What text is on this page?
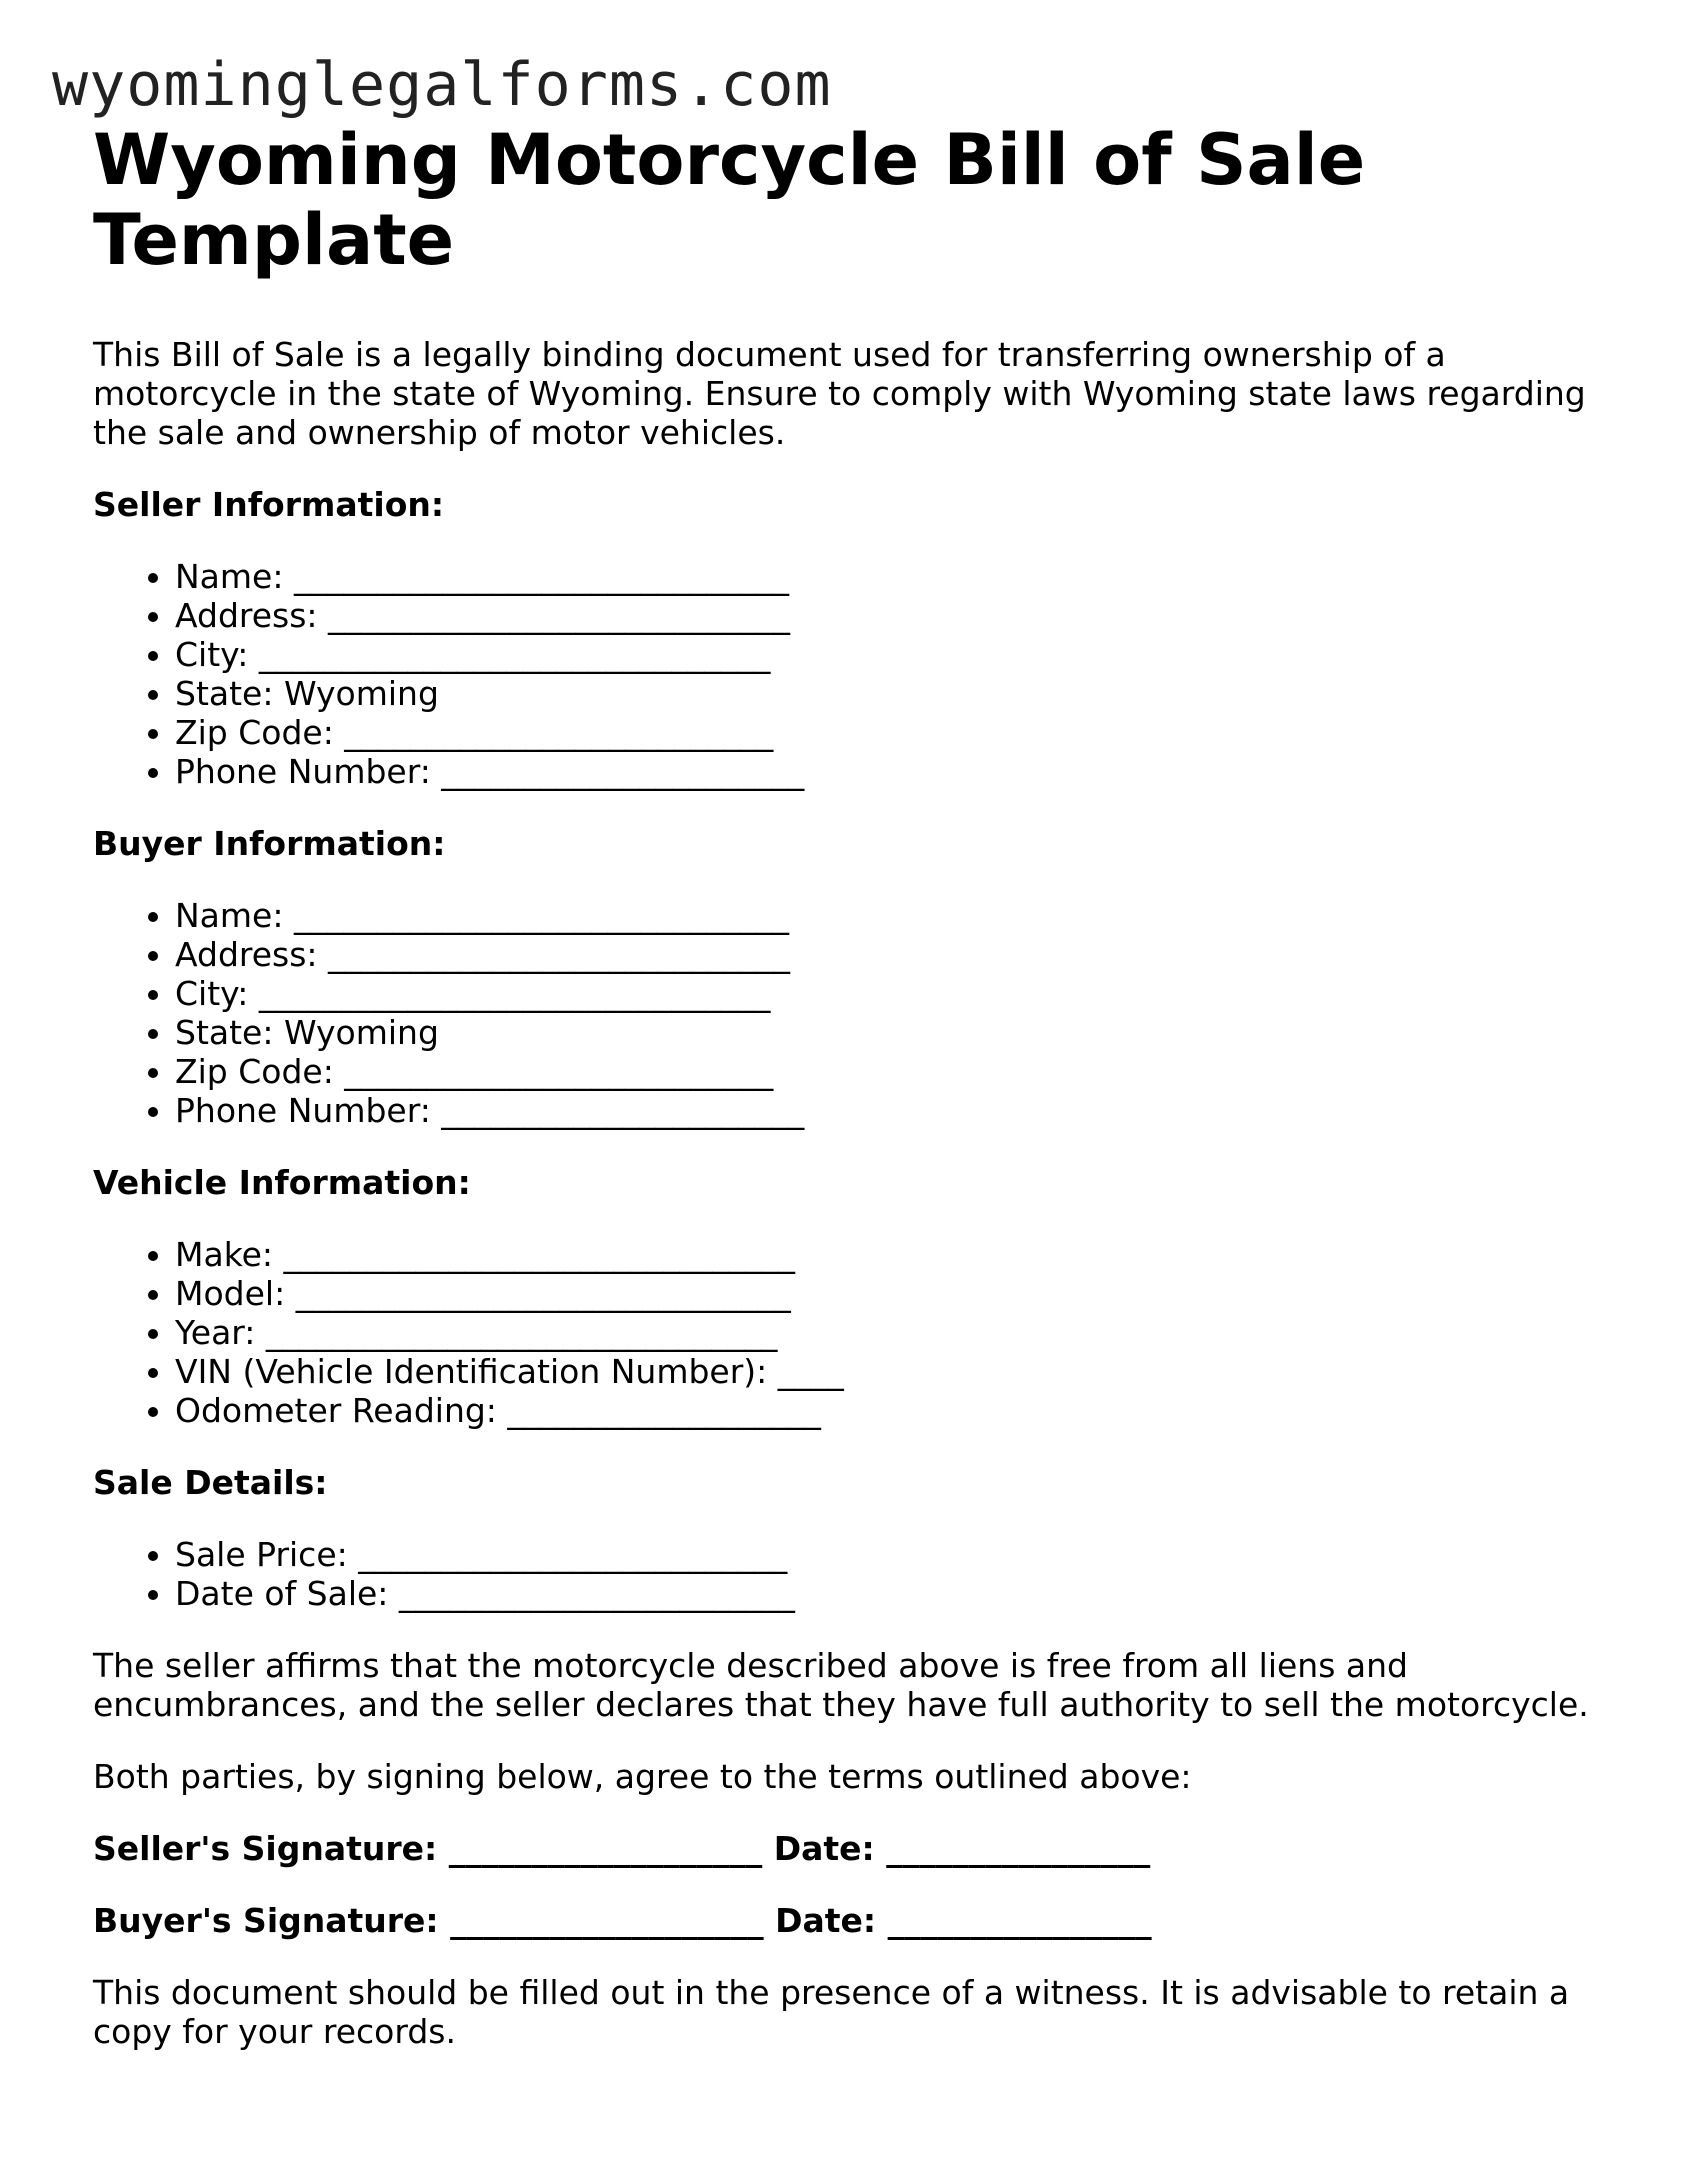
wyominglegalforms.com
Wyoming Motorcycle Bill of Sale Template

This Bill of Sale is a legally binding document used for transferring ownership of a motorcycle in the state of Wyoming. Ensure to comply with Wyoming state laws regarding the sale and ownership of motor vehicles.

Seller Information:

• Name: ______________________________
• Address: ____________________________
• City: _______________________________
• State: Wyoming
• Zip Code: __________________________
• Phone Number: ______________________

Buyer Information:

• Name: ______________________________
• Address: ____________________________
• City: _______________________________
• State: Wyoming
• Zip Code: __________________________
• Phone Number: ______________________

Vehicle Information:

• Make: _______________________________
• Model: ______________________________
• Year: _______________________________
• VIN (Vehicle Identification Number): ____
• Odometer Reading: ___________________

Sale Details:

• Sale Price: __________________________
• Date of Sale: ________________________

The seller affirms that the motorcycle described above is free from all liens and encumbrances, and the seller declares that they have full authority to sell the motorcycle.

Both parties, by signing below, agree to the terms outlined above:

Seller's Signature: ___________________ Date: ________________
Buyer's Signature: ___________________ Date: ________________

This document should be filled out in the presence of a witness. It is advisable to retain a copy for your records.
